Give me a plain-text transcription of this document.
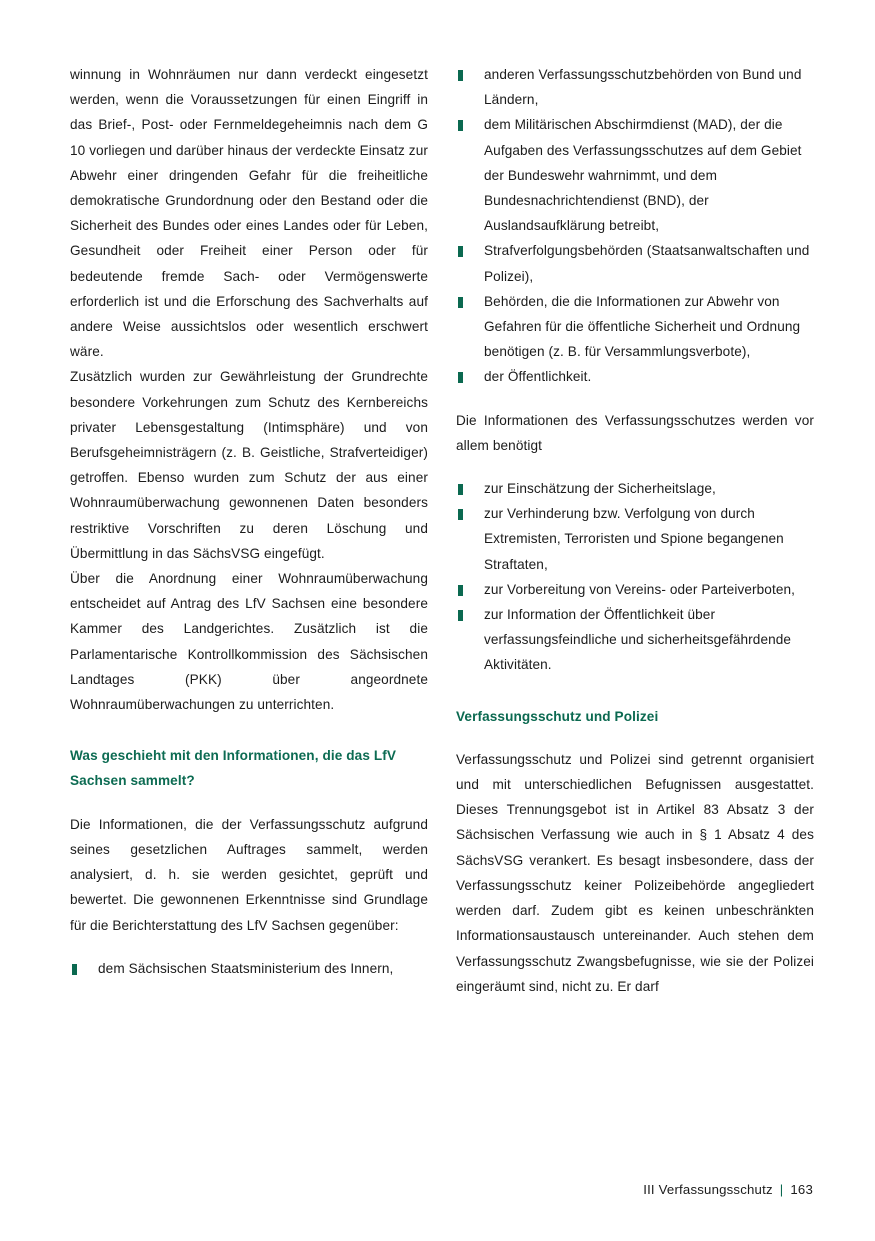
winnung in Wohnräumen nur dann verdeckt eingesetzt werden, wenn die Voraussetzungen für einen Eingriff in das Brief-, Post- oder Fernmeldegeheimnis nach dem G 10 vorliegen und darüber hinaus der verdeckte Einsatz zur Abwehr einer dringenden Gefahr für die freiheitliche demokratische Grundordnung oder den Bestand oder die Sicherheit des Bundes oder eines Landes oder für Leben, Gesundheit oder Freiheit einer Person oder für bedeutende fremde Sach- oder Vermögenswerte erforderlich ist und die Erforschung des Sachverhalts auf andere Weise aussichtslos oder wesentlich erschwert wäre.

Zusätzlich wurden zur Gewährleistung der Grundrechte besondere Vorkehrungen zum Schutz des Kernbereichs privater Lebensgestaltung (Intimsphäre) und von Berufsgeheimnisträgern (z. B. Geistliche, Strafverteidiger) getroffen. Ebenso wurden zum Schutz der aus einer Wohnraumüberwachung gewonnenen Daten besonders restriktive Vorschriften zu deren Löschung und Übermittlung in das SächsVSG eingefügt.

Über die Anordnung einer Wohnraumüberwachung entscheidet auf Antrag des LfV Sachsen eine besondere Kammer des Landgerichtes. Zusätzlich ist die Parlamentarische Kontrollkommission des Sächsischen Landtages (PKK) über angeordnete Wohnraumüberwachungen zu unterrichten.

Was geschieht mit den Informationen, die das LfV Sachsen sammelt?

Die Informationen, die der Verfassungsschutz aufgrund seines gesetzlichen Auftrages sammelt, werden analysiert, d. h. sie werden gesichtet, geprüft und bewertet. Die gewonnenen Erkenntnisse sind Grundlage für die Berichterstattung des LfV Sachsen gegenüber:

dem Sächsischen Staatsministerium des Innern,
anderen Verfassungsschutzbehörden von Bund und Ländern,
dem Militärischen Abschirmdienst (MAD), der die Aufgaben des Verfassungsschutzes auf dem Gebiet der Bundeswehr wahrnimmt, und dem Bundesnachrichtendienst (BND), der Auslandsaufklärung betreibt,
Strafverfolgungsbehörden (Staatsanwaltschaften und Polizei),
Behörden, die die Informationen zur Abwehr von Gefahren für die öffentliche Sicherheit und Ordnung benötigen (z. B. für Versammlungsverbote),
der Öffentlichkeit.

Die Informationen des Verfassungsschutzes werden vor allem benötigt

zur Einschätzung der Sicherheitslage,
zur Verhinderung bzw. Verfolgung von durch Extremisten, Terroristen und Spione begangenen Straftaten,
zur Vorbereitung von Vereins- oder Parteiverboten,
zur Information der Öffentlichkeit über verfassungsfeindliche und sicherheitsgefährdende Aktivitäten.
Verfassungsschutz und Polizei

Verfassungsschutz und Polizei sind getrennt organisiert und mit unterschiedlichen Befugnissen ausgestattet. Dieses Trennungsgebot ist in Artikel 83 Absatz 3 der Sächsischen Verfassung wie auch in § 1 Absatz 4 des SächsVSG verankert. Es besagt insbesondere, dass der Verfassungsschutz keiner Polizeibehörde angegliedert werden darf. Zudem gibt es keinen unbeschränkten Informationsaustausch untereinander. Auch stehen dem Verfassungsschutz Zwangsbefugnisse, wie sie der Polizei eingeräumt sind, nicht zu. Er darf

III Verfassungsschutz | 163
